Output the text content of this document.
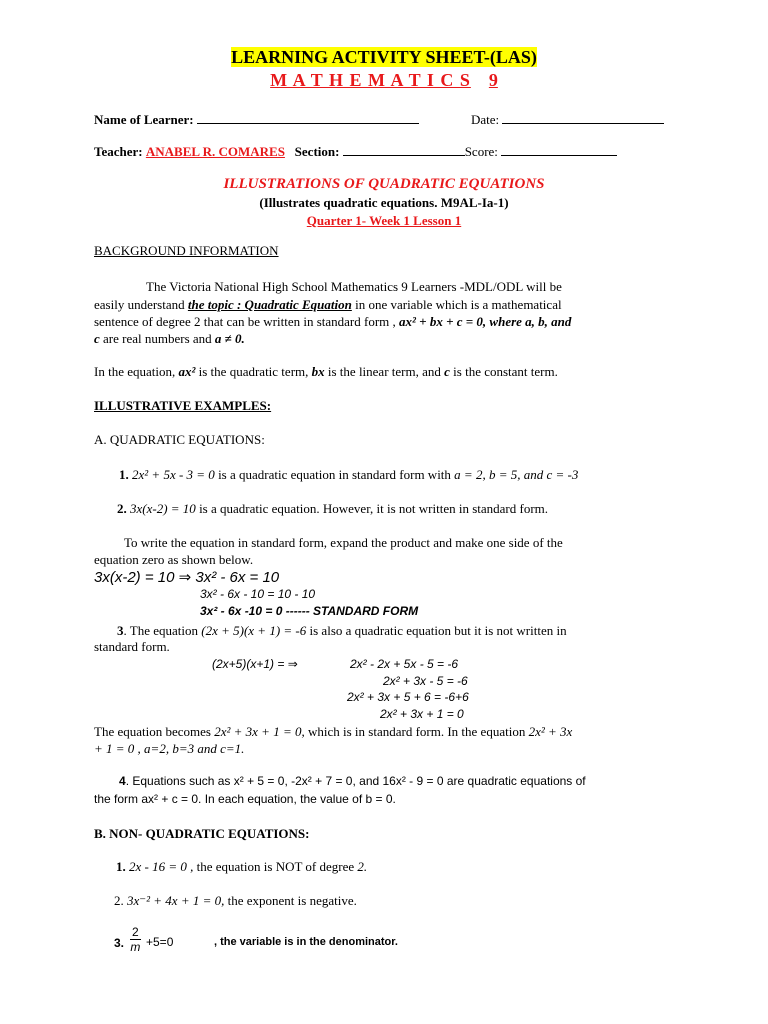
LEARNING ACTIVITY SHEET-(LAS)
M A T H E M A T I C S 9
Name of Learner:	Date:
Teacher: ANABEL R. COMARES Section:	Score:
ILLUSTRATIONS OF QUADRATIC EQUATIONS
(Illustrates quadratic equations. M9AL-Ia-1)
Quarter 1- Week 1 Lesson 1
BACKGROUND INFORMATION
The Victoria National High School Mathematics 9 Learners -MDL/ODL will be
easily understand the topic : Quadratic Equation in one variable which is a mathematical
sentence of degree 2 that can be written in standard form , ax² + bx + c = 0, where a, b, and
c are real numbers and a ≠ 0.
In the equation, ax² is the quadratic term, bx is the linear term, and c is the constant term.
ILLUSTRATIVE EXAMPLES:
A. QUADRATIC EQUATIONS:
1. 2x² + 5x - 3 = 0 is a quadratic equation in standard form with a = 2, b = 5, and c = -3
2. 3x(x-2) = 10 is a quadratic equation. However, it is not written in standard form.
To write the equation in standard form, expand the product and make one side of the
equation zero as shown below.
3x(x-2) = 10 ⇒ 3x² - 6x = 10
3x² - 6x - 10 = 10 - 10
3x² - 6x -10 = 0 ------ STANDARD FORM
3. The equation (2x + 5)(x + 1) = -6 is also a quadratic equation but it is not written in
standard form.
(2x+5)(x+1) = ⇒	2x² - 2x + 5x - 5 = -6
2x² + 3x - 5 = -6
2x² + 3x + 5 + 6 = -6+6
2x² + 3x + 1 = 0
The equation becomes 2x² + 3x + 1 = 0, which is in standard form. In the equation 2x² + 3x
+ 1 = 0 , a=2, b=3 and c=1.
4. Equations such as x² + 5 = 0, -2x² + 7 = 0, and 16x² - 9 = 0 are quadratic equations of
the form ax² + c = 0. In each equation, the value of b = 0.
B. NON- QUADRATIC EQUATIONS:
1. 2x - 16 = 0 , the equation is NOT of degree 2.
2. 3x⁻² + 4x + 1 = 0, the exponent is negative.
3. $\frac{2}{m} +5=0$	, the variable is in the denominator.
